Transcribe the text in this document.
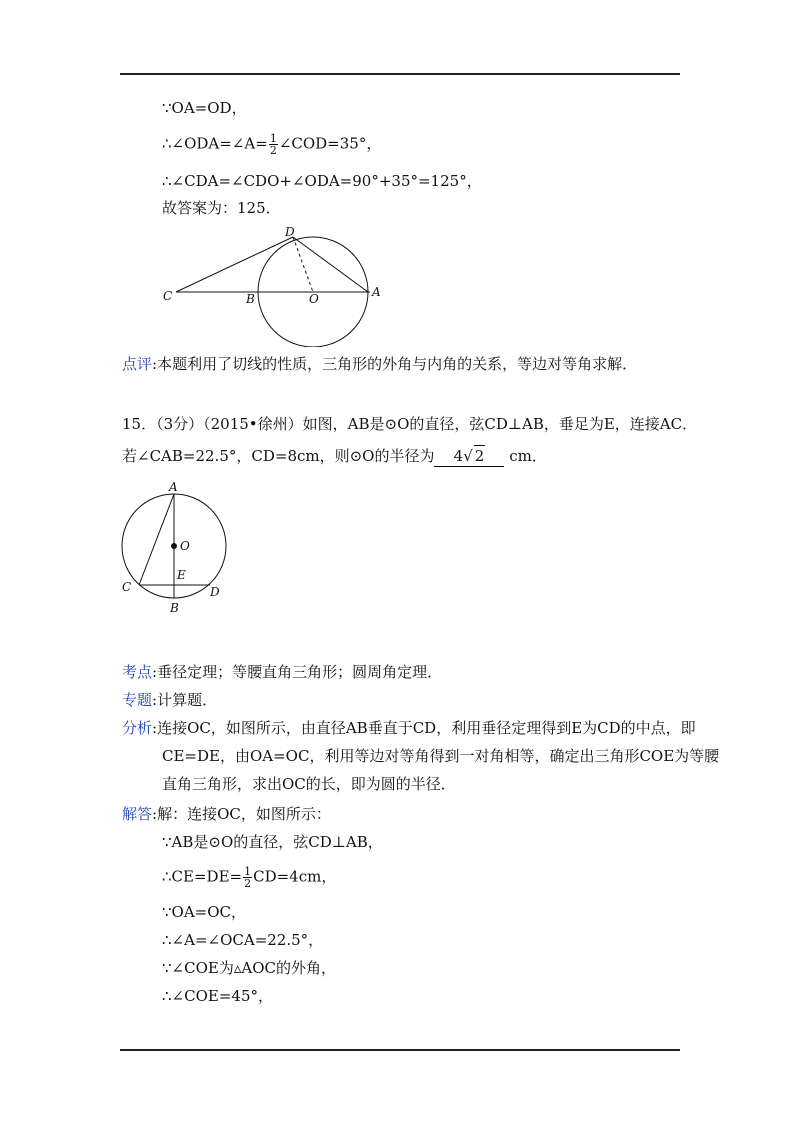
∵OA=OD，
∴∠ODA=∠A= $\frac{1}{2}$ ∠COD=35°，
∴∠CDA=∠CDO+∠ODA=90°+35°=125°，
故答案为：125．
D
C	B	O	A
点评:本题利用了切线的性质，三角形的外角与内角的关系，等边对等角求解．
15．（3分）（2015•徐州）如图，AB是⊙O的直径，弦CD⊥AB，垂足为E，连接AC．
若∠CAB=22.5°，CD=8cm，则⊙O的半径为 4√ 2 cm．
A
O
E
C
B
D
考点:垂径定理；等腰直角三角形；圆周角定理．
专题:计算题．
分析:连接OC，如图所示，由直径AB垂直于CD，利用垂径定理得到E为CD的中点，即
CE=DE，由OA=OC，利用等边对等角得到一对角相等，确定出三角形COE为等腰
直角三角形，求出OC的长，即为圆的半径．
解答:解：连接OC，如图所示：
∵AB是⊙O的直径，弦CD⊥AB，
∴CE=DE= $\frac{1}{2} CD=4cm$，
∵OA=OC，
∴∠A=∠OCA=22.5°，
∵∠COE为▵AOC的外角，
∴∠COE=45°，
